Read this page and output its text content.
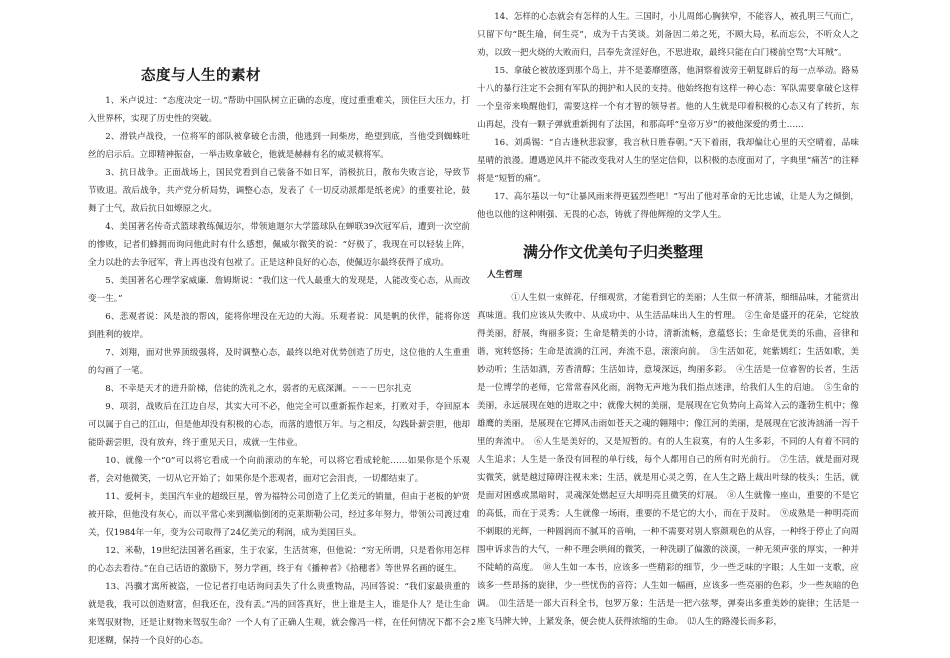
态度与人生的素材

1、米卢说过：“态度决定一切。”帮助中国队树立正确的态度，度过重重难关，顶住巨大压力，打入世界杯，实现了历史性的突破。

2、滑铁卢战役，一位将军的部队被拿破仑击溃，他逃到一间柴房，绝望到底，当他受到蜘蛛吐丝的启示后。立即精神振奋，一举击败拿破仑，他就是赫赫有名的威灵顿将军。

3、抗日战争。正面战场上，国民党看到自己装备不如日军，消极抗日，散布失败言论，导致节节败退。敌后战争，共产党分析局势，调整心态，发表了《一切反动派都是纸老虎》的重要社论，鼓舞了士气，敌后抗日如燎原之火。

4、美国著名传奇式篮球教练佩迈尔，带领迪迦尔大学篮球队在蝉联39次冠军后，遭到一次空前的惨败，记者们蜂拥而询问他此时有什么感想，佩威尔微笑的说：“好极了，我现在可以轻装上阵，全力以赴的去争冠军，背上再也没有包袱了。正是这种良好的心态，使佩迈尔最终获得了成功。

5、美国著名心理学家威廉．詹姆斯说：“我们这一代人最重大的发现是，人能改变心态，从而改变一生。”

6、悲观者说：风是浪的帮凶，能将你埋没在无边的大海。乐观者说：风是帆的伙伴，能将你送到胜利的彼岸。

7、刘翔，面对世界顶级强将，及时调整心态，最终以绝对优势创造了历史，这位他的人生重重的勾画了一笔。

8、不幸是天才的进升阶梯，信徒的洗礼之水，弱者的无底深渊。－－－巴尔扎克

9、项羽，战败后在江边自尽，其实大可不必，他完全可以重新振作起来，打败对手，夺回原本可以属于自己的江山，但是他却没有积极的心态，而落的遗恨万年。与之相反，勾践卧薪尝胆，他却能卧薪尝胆，没有放弃，终于重见天日，成就一生伟业。

10、就像一个“0”可以将它看成一个向前滚动的车轮，可以将它看成轮舵……如果你是个乐观者，会对他微笑，一切从它开始了；如果你是个悲观者，面对它会泪丧，一切都结束了。

11、爱柯卡，美国汽车业的超级巨星，曾为福特公司创造了上亿美元的销量，但由于老板的妒贤被开除，但他没有灰心，而以平常心来到濒临倒闭的克莱斯勒公司，经过多年努力，带领公司渡过难关，仅1984年一年，变为公司取得了24亿美元的利润，成为美国巨头。

12、米勒，19世纪法国著名画家，生于农家，生活贫寒，但他说：“穷无所谓，只是看你用怎样的心态去看待。”在自己话语的激励下，努力学画，终于有《播种者》《拾穗者》等世界名画的诞生。

13、冯骥才寓所被盗，一位记者打电话询问丢失了什么贵重物品，冯回答说：“我们家最贵重的就是我，我可以创造财富，但我还在，没有丢。”冯的回答真好，世上谁是主人，谁是仆人？是让生命来驾驭财物，还是让财物来驾驭生命？一个人有了正确人生观，就会像冯一样，在任何情况下都不会犯迷糊，保持一个良好的心态。

14、怎样的心态就会有怎样的人生。三国时，小儿周郎心胸狭窄，不能容人，被孔明三气而亡，只留下句“既生瑜，何生亮”，成为千古笑谈。刘备因二弟之死，不顾大局，私而忘公，不听众人之劝，以致一把火烧的大败而归，吕奉先贪淫好色，不思进取，最终只能在白门楼前空骂“大耳贼”。

15、拿破仑被放逐到那个岛上，并不是萎靡堕落，他洞察着波旁王朝复辟后的每一点举动。路易十八的暴行注定不会拥有军队的拥护和人民的支持。他始终抱有这样一种心态：军队需要拿破仑这样一个皇帝来唤醒他们，需要这样一个有才智的领导者。他的人生就是印着积极的心态又有了转折，东山再起，没有一颗子弹就重新拥有了法国，和那高呼“皇帝万岁”的被他深爱的勇士……

16、刘禹锡：“自古逢秋悲寂寥，我言秋日胜春朝。”天下着雨，我却偏让心里的天空晴着，品味星晴的浪漫。遭遇逆风并不能改变我对人生的坚定信仰，以积极的态度面对了，字典里“痛苦”的注释将是“短暂的痛”。

17、高尔基以一句“让暴风雨来得更猛烈些吧！”写出了他对革命的无比忠诚，让是人为之倾倒，他也以他的这种刚强、无畏的心态，铸就了得他辉煌的文学人生。

满分作文优美句子归类整理
人生哲理

①人生似一束鲜花，仔细观赏，才能看到它的美丽；人生似一杯清茶，细细品味，才能赏出真味道。我们应该从失败中、从成功中、从生活品味出人生的哲理。　②生命是盛开的花朵，它绽放得美丽，舒展，绚丽多资；生命是精美的小诗，清新流畅，意蕴悠长；生命是优美的乐曲，音律和谐，宛转悠扬；生命是流淌的江河，奔流不息，滚滚向前。　③生活如花，姹紫嫣红；生活如歌，美妙动听；生活如酒，芳香清醇；生活如诗，意境深远，绚丽多彩。　④生活是一位睿智的长者，生活是一位博学的老师，它常常春风化雨，润物无声地为我们指点迷津，给我们人生的启迪。　⑤生命的美丽，永远展现在她的进取之中；就像大树的美丽，是展现在它负势向上高耸入云的蓬勃生机中；像雄鹰的美丽，是展现在它搏风击雨如苍天之魂的翱翔中；像江河的美丽，是展现在它波涛汹涌一泻千里的奔流中。　⑥人生是美好的，又是短暂的。有的人生寂寞，有的人生多彩，不同的人有着不同的人生追求；人生是一条没有回程的单行线，每个人都用自己的所有时光前行。　⑦生活，就是面对现实微笑，就是越过障碍注视未来；生活，就是用心灵之剪，在人生之路上裁出叶绿的枝头；生活，就是面对困惑或黑暗时，灵魂深处燃起豆大却明亮且微笑的灯展。　⑧人生就像一座山，重要的不是它的高低，而在于灵秀；人生就像一场雨，重要的不是它的大小，而在于及时。　⑨成熟是一种明亮而不刺眼的光辉，一种圆润而不腻耳的音响，一种不需要对别人察颜观色的从容，一种终于停止了向周围申诉求告的大气，一种不理会哄闹的微笑，一种洗刷了偏激的淡漠，一种无须声张的厚实，一种并不陡峭的高度。　⑩人生如一本书，应该多一些精彩的细节，少一些乏味的字眼；人生如一支歌，应该多一些昂扬的旋律，少一些忧伤的音符；人生如一幅画，应该多一些亮丽的色彩，少一些灰暗的色调。　⑾生活是一部大百科全书，包罗万象；生活是一把六弦琴，弹奏出多重美妙的旋律；生活是一座飞马牌大钟，上紧发条，便会使人获得浓缩的生命。　⑿人生的路漫长而多彩，

2
